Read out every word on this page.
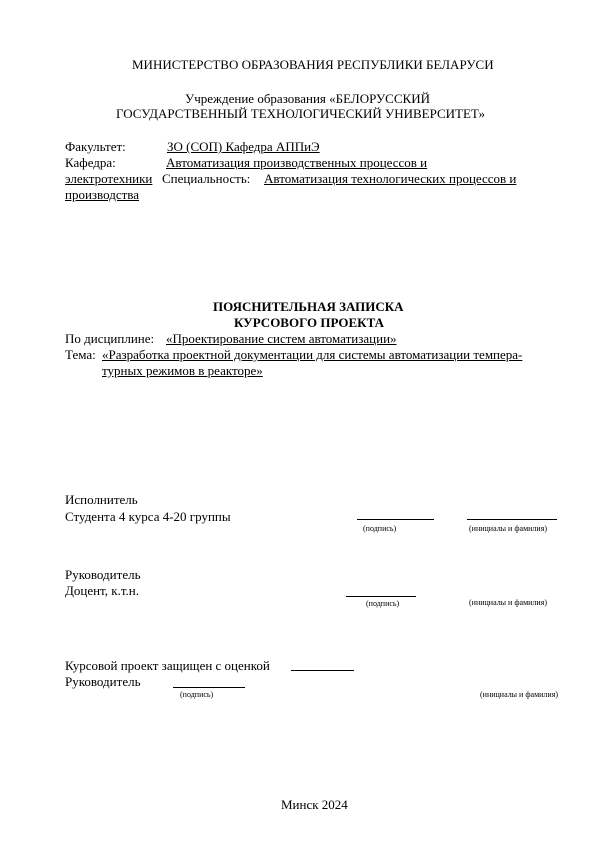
МИНИСТЕРСТВО ОБРАЗОВАНИЯ РЕСПУБЛИКИ БЕЛАРУСИ
Учреждение образования «БЕЛОРУССКИЙ
ГОСУДАРСТВЕННЫЙ ТЕХНОЛОГИЧЕСКИЙ УНИВЕРСИТЕТ»
Факультет:	ЗО (СОП) Кафедра АППиЭ
Кафедра:	Автоматизация производственных процессов и
электротехники Специальность: Автоматизация технологических процессов и
производства
ПОЯСНИТЕЛЬНАЯ ЗАПИСКА
КУРСОВОГО ПРОЕКТА
По дисциплине: «Проектирование систем автоматизации»
Тема: «Разработка проектной документации для системы автоматизации темпера-
турных режимов в реакторе»
Исполнитель
Студента 4 курса 4-20 группы
(подпись)	(инициалы и фамилия)
Руководитель
Доцент, к.т.н.
(подпись)	(инициалы и фамилия)
Курсовой проект защищен с оценкой
Руководитель
(подпись)	(инициалы и фамилия)
Минск 2024
